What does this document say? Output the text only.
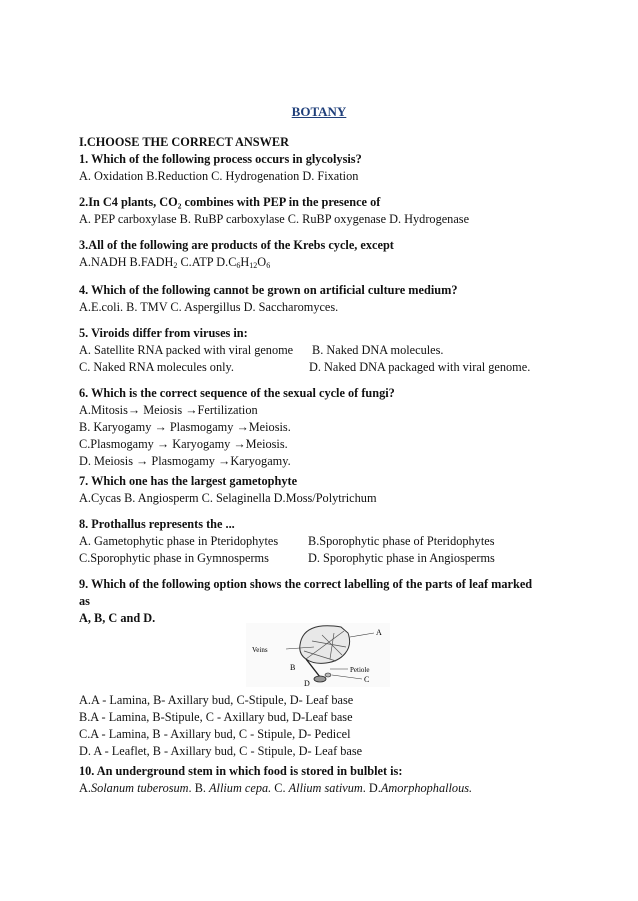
BOTANY
I.CHOOSE THE CORRECT ANSWER
1. Which of the following process occurs in glycolysis?
A. Oxidation B.Reduction C. Hydrogenation D. Fixation
2.In C4 plants, CO₂ combines with PEP in the presence of
A. PEP carboxylase B. RuBP carboxylase C. RuBP oxygenase D. Hydrogenase
3.All of the following are products of the Krebs cycle, except
A.NADH $B.FADH_2$ C.ATP $D.C_6H_{12}O_6$
4. Which of the following cannot be grown on artificial culture medium?
A.E.coli. B. TMV C. Aspergillus D. Saccharomyces.
5. Viroids differ from viruses in:
A. Satellite RNA packed with viral genome	B. Naked DNA molecules.
C. Naked RNA molecules only.	D. Naked DNA packaged with viral genome.
6. Which is the correct sequence of the sexual cycle of fungi?
A.Mitosis→ Meiosis →Fertilization
B. Karyogamy → Plasmogamy →Meiosis.
C.Plasmogamy → Karyogamy →Meiosis.
D. Meiosis → Plasmogamy →Karyogamy.
7. Which one has the largest gametophyte
A.Cycas B. Angiosperm C. Selaginella D.Moss/Polytrichum
8. Prothallus represents the ...
A. Gametophytic phase in Pteridophytes	B.Sporophytic phase of Pteridophytes
C.Sporophytic phase in Gymnosperms	D. Sporophytic phase in Angiosperms
9. Which of the following option shows the correct labelling of the parts of leaf marked
as
A, B, C and D.
Veins
A
B	Petiole
C
D
A.A - Lamina, B- Axillary bud, C-Stipule, D- Leaf base
B.A - Lamina, B-Stipule, C - Axillary bud, D-Leaf base
C.A - Lamina, B - Axillary bud, C - Stipule, D- Pedicel
D. A - Leaflet, B - Axillary bud, C - Stipule, D- Leaf base
10. An underground stem in which food is stored in bulblet is:
A.Solanum tuberosum. B. Allium cepa. C. Allium sativum. D.Amorphophallous.
